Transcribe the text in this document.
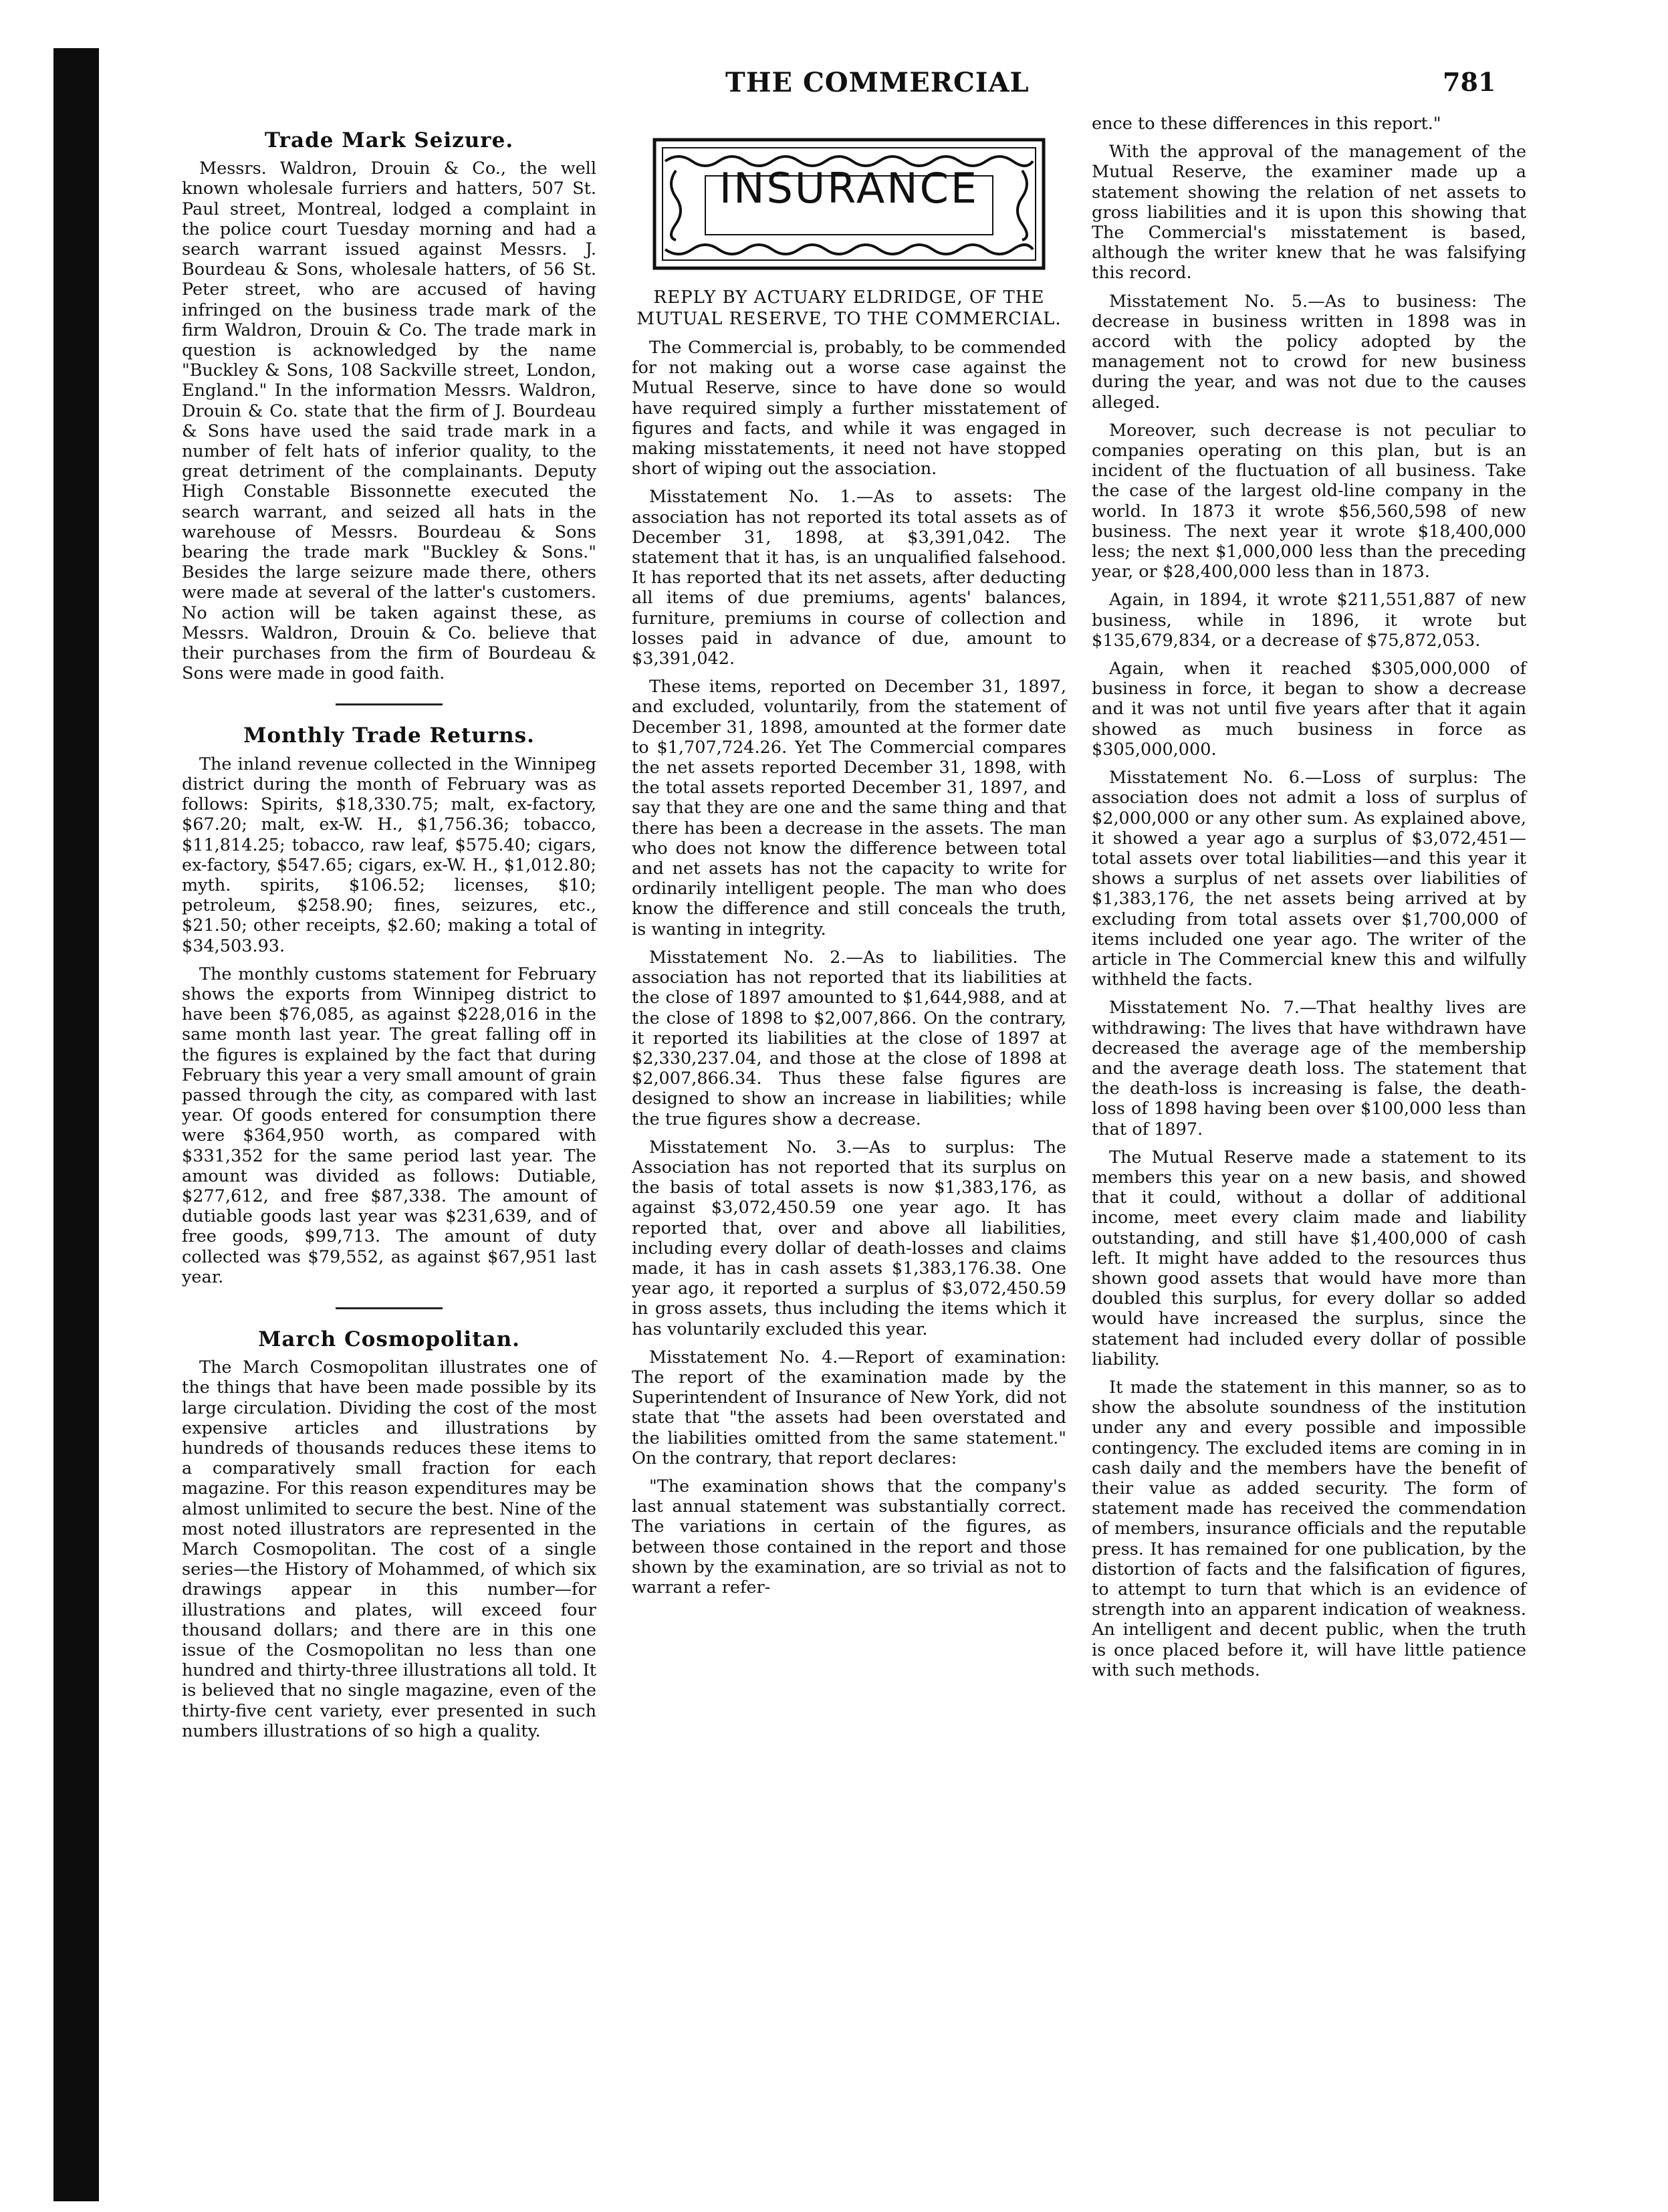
THE COMMERCIAL	781

Trade Mark Seizure.

Messrs. Waldron, Drouin & Co., the well known wholesale furriers and hatters, 507 St. Paul street, Montreal, lodged a complaint in the police court Tuesday morning and had a search warrant issued against Messrs. J. Bourdeau & Sons, wholesale hatters, of 56 St. Peter street, who are accused of having infringed on the business trade mark of the firm Waldron, Drouin & Co. The trade mark in question is acknowledged by the name "Buckley & Sons, 108 Sackville street, London, England." In the information Messrs. Waldron, Drouin & Co. state that the firm of J. Bourdeau & Sons have used the said trade mark in a number of felt hats of inferior quality, to the great detriment of the complainants. Deputy High Constable Bissonnette executed the search warrant, and seized all hats in the warehouse of Messrs. Bourdeau & Sons bearing the trade mark "Buckley & Sons." Besides the large seizure made there, others were made at several of the latter's customers. No action will be taken against these, as Messrs. Waldron, Drouin & Co. believe that their purchases from the firm of Bourdeau & Sons were made in good faith.

Monthly Trade Returns.

The inland revenue collected in the Winnipeg district during the month of February was as follows: Spirits, $18,330.75; malt, ex-factory, $67.20; malt, ex-W. H., $1,756.36; tobacco, $11,814.25; tobacco, raw leaf, $575.40; cigars, ex-factory, $547.65; cigars, ex-W. H., $1,012.80; myth. spirits, $106.52; licenses, $10; petroleum, $258.90; fines, seizures, etc., $21.50; other receipts, $2.60; making a total of $34,503.93.

The monthly customs statement for February shows the exports from Winnipeg district to have been $76,085, as against $228,016 in the same month last year. The great falling off in the figures is explained by the fact that during February this year a very small amount of grain passed through the city, as compared with last year. Of goods entered for consumption there were $364,950 worth, as compared with $331,352 for the same period last year. The amount was divided as follows: Dutiable, $277,612, and free $87,338. The amount of dutiable goods last year was $231,639, and of free goods, $99,713. The amount of duty collected was $79,552, as against $67,951 last year.

March Cosmopolitan.

The March Cosmopolitan illustrates one of the things that have been made possible by its large circulation. Dividing the cost of the most expensive articles and illustrations by hundreds of thousands reduces these items to a comparatively small fraction for each magazine. For this reason expenditures may be almost unlimited to secure the best. Nine of the most noted illustrators are represented in the March Cosmopolitan. The cost of a single series—the History of Mohammed, of which six drawings appear in this number—for illustrations and plates, will exceed four thousand dollars; and there are in this one issue of the Cosmopolitan no less than one hundred and thirty-three illustrations all told. It is believed that no single magazine, even of the thirty-five cent variety, ever presented in such numbers illustrations of so high a quality.

INSURANCE

REPLY BY ACTUARY ELDRIDGE, OF THE MUTUAL RESERVE, TO THE COMMERCIAL.

The Commercial is, probably, to be commended for not making out a worse case against the Mutual Reserve, since to have done so would have required simply a further misstatement of figures and facts, and while it was engaged in making misstatements, it need not have stopped short of wiping out the association.

Misstatement No. 1.—As to assets: The association has not reported its total assets as of December 31, 1898, at $3,391,042. The statement that it has, is an unqualified falsehood. It has reported that its net assets, after deducting all items of due premiums, agents' balances, furniture, premiums in course of collection and losses paid in advance of due, amount to $3,391,042.

These items, reported on December 31, 1897, and excluded, voluntarily, from the statement of December 31, 1898, amounted at the former date to $1,707,724.26. Yet The Commercial compares the net assets reported December 31, 1898, with the total assets reported December 31, 1897, and say that they are one and the same thing and that there has been a decrease in the assets. The man who does not know the difference between total and net assets has not the capacity to write for ordinarily intelligent people. The man who does know the difference and still conceals the truth, is wanting in integrity.

Misstatement No. 2.—As to liabilities. The association has not reported that its liabilities at the close of 1897 amounted to $1,644,988, and at the close of 1898 to $2,007,866. On the contrary, it reported its liabilities at the close of 1897 at $2,330,237.04, and those at the close of 1898 at $2,007,866.34. Thus these false figures are designed to show an increase in liabilities; while the true figures show a decrease.

Misstatement No. 3.—As to surplus: The Association has not reported that its surplus on the basis of total assets is now $1,383,176, as against $3,072,450.59 one year ago. It has reported that, over and above all liabilities, including every dollar of death-losses and claims made, it has in cash assets $1,383,176.38. One year ago, it reported a surplus of $3,072,450.59 in gross assets, thus including the items which it has voluntarily excluded this year.

Misstatement No. 4.—Report of examination: The report of the examination made by the Superintendent of Insurance of New York, did not state that "the assets had been overstated and the liabilities omitted from the same statement." On the contrary, that report declares:

"The examination shows that the company's last annual statement was substantially correct. The variations in certain of the figures, as between those contained in the report and those shown by the examination, are so trivial as not to warrant a refer-

ence to these differences in this report."

With the approval of the management of the Mutual Reserve, the examiner made up a statement showing the relation of net assets to gross liabilities and it is upon this showing that The Commercial's misstatement is based, although the writer knew that he was falsifying this record.

Misstatement No. 5.—As to business: The decrease in business written in 1898 was in accord with the policy adopted by the management not to crowd for new business during the year, and was not due to the causes alleged.

Moreover, such decrease is not peculiar to companies operating on this plan, but is an incident of the fluctuation of all business. Take the case of the largest old-line company in the world. In 1873 it wrote $56,560,598 of new business. The next year it wrote $18,400,000 less; the next $1,000,000 less than the preceding year, or $28,400,000 less than in 1873.

Again, in 1894, it wrote $211,551,887 of new business, while in 1896, it wrote but $135,679,834, or a decrease of $75,872,053.

Again, when it reached $305,000,000 of business in force, it began to show a decrease and it was not until five years after that it again showed as much business in force as $305,000,000.

Misstatement No. 6.—Loss of surplus: The association does not admit a loss of surplus of $2,000,000 or any other sum. As explained above, it showed a year ago a surplus of $3,072,451—total assets over total liabilities—and this year it shows a surplus of net assets over liabilities of $1,383,176, the net assets being arrived at by excluding from total assets over $1,700,000 of items included one year ago. The writer of the article in The Commercial knew this and wilfully withheld the facts.

Misstatement No. 7.—That healthy lives are withdrawing: The lives that have withdrawn have decreased the average age of the membership and the average death loss. The statement that the death-loss is increasing is false, the death-loss of 1898 having been over $100,000 less than that of 1897.

The Mutual Reserve made a statement to its members this year on a new basis, and showed that it could, without a dollar of additional income, meet every claim made and liability outstanding, and still have $1,400,000 of cash left. It might have added to the resources thus shown good assets that would have more than doubled this surplus, for every dollar so added would have increased the surplus, since the statement had included every dollar of possible liability.

It made the statement in this manner, so as to show the absolute soundness of the institution under any and every possible and impossible contingency. The excluded items are coming in in cash daily and the members have the benefit of their value as added security. The form of statement made has received the commendation of members, insurance officials and the reputable press. It has remained for one publication, by the distortion of facts and the falsification of figures, to attempt to turn that which is an evidence of strength into an apparent indication of weakness. An intelligent and decent public, when the truth is once placed before it, will have little patience with such methods.
